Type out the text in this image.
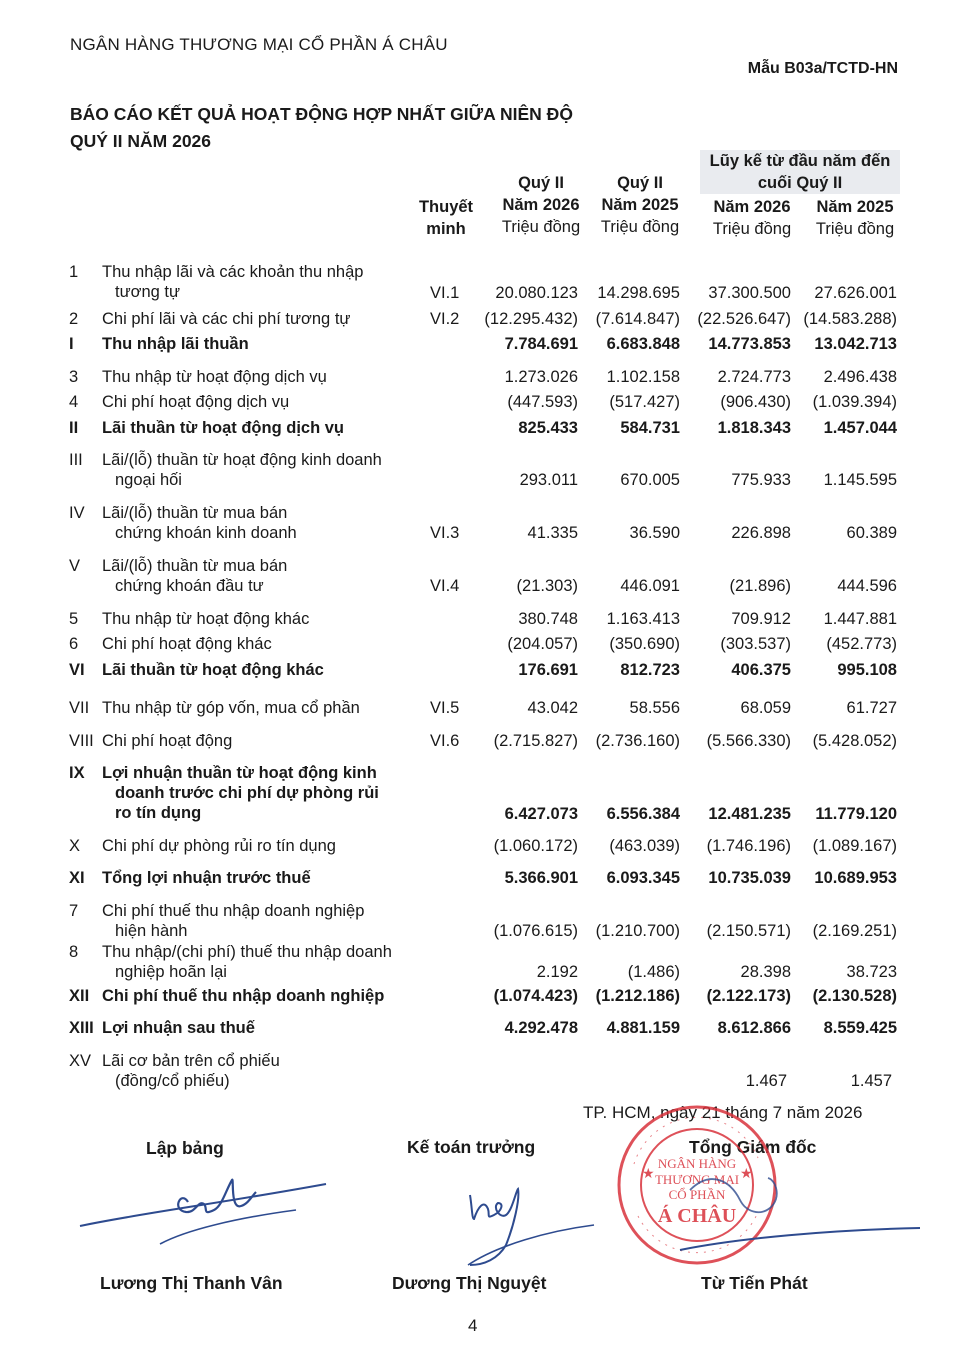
NGÂN HÀNG THƯƠNG MẠI CỔ PHẦN Á CHÂU
Mẫu B03a/TCTD-HN
BÁO CÁO KẾT QUẢ HOẠT ĐỘNG HỢP NHẤT GIỮA NIÊN ĐỘ
QUÝ II NĂM 2026
Thuyết
minh
Quý II
Năm 2026
Triệu đồng
Quý II
Năm 2025
Triệu đồng
Lũy kế từ đầu năm đến
cuối Quý II
Năm 2026
Triệu đồng
Năm 2025
Triệu đồng
1 Thu nhập lãi và các khoản thu nhập
tương tự	VI.1 20.080.123 14.298.695 37.300.500 27.626.001
2 Chi phí lãi và các chi phí tương tự	VI.2 (12.295.432) (7.614.847) (22.526.647) (14.583.288)
I Thu nhập lãi thuần	7.784.691 6.683.848 14.773.853 13.042.713
3 Thu nhập từ hoạt động dịch vụ	1.273.026 1.102.158 2.724.773 2.496.438
4 Chi phí hoạt động dịch vụ	(447.593) (517.427) (906.430) (1.039.394)
II Lãi thuần từ hoạt động dịch vụ	825.433	584.731 1.818.343 1.457.044
III Lãi/(lỗ) thuần từ hoạt động kinh doanh
ngoại hối	293.011	670.005	775.933 1.145.595
IV Lãi/(lỗ) thuần từ mua bán
chứng khoán kinh doanh	VI.3	41.335	36.590	226.898	60.389
V Lãi/(lỗ) thuần từ mua bán
chứng khoán đầu tư	VI.4	(21.303)	446.091	(21.896)	444.596
5 Thu nhập từ hoạt động khác	380.748 1.163.413	709.912 1.447.881
6 Chi phí hoạt động khác	(204.057) (350.690) (303.537) (452.773)
VI Lãi thuần từ hoạt động khác	176.691	812.723	406.375	995.108
VII Thu nhập từ góp vốn, mua cổ phần	VI.5	43.042	58.556	68.059	61.727
VIII Chi phí hoạt động	VI.6 (2.715.827) (2.736.160) (5.566.330) (5.428.052)
IX Lợi nhuận thuần từ hoạt động kinh
doanh trước chi phí dự phòng rủi
ro tín dụng	6.427.073 6.556.384 12.481.235 11.779.120
X Chi phí dự phòng rủi ro tín dụng	(1.060.172) (463.039) (1.746.196) (1.089.167)
XI Tổng lợi nhuận trước thuế	5.366.901 6.093.345 10.735.039 10.689.953
7 Chi phí thuế thu nhập doanh nghiệp
hiện hành	(1.076.615) (1.210.700) (2.150.571) (2.169.251)
8 Thu nhập/(chi phí) thuế thu nhập doanh
nghiệp hoãn lại	2.192	(1.486)	28.398	38.723
XII Chi phí thuế thu nhập doanh nghiệp	(1.074.423) (1.212.186) (2.122.173) (2.130.528)
XIII Lợi nhuận sau thuế	4.292.478 4.881.159 8.612.866 8.559.425
XV Lãi cơ bản trên cổ phiếu
(đồng/cổ phiếu)	1.467	1.457
TP. HCM, ngày 21 tháng 7 năm 2026
Lập bảng	Kế toán trưởng	Tổng Giám đốc
NGÂN HÀNG
THƯƠNG MẠI
CỔ PHẦN
Á CHÂU
★	★
Lương Thị Thanh Vân	Dương Thị Nguyệt	Từ Tiến Phát
4
